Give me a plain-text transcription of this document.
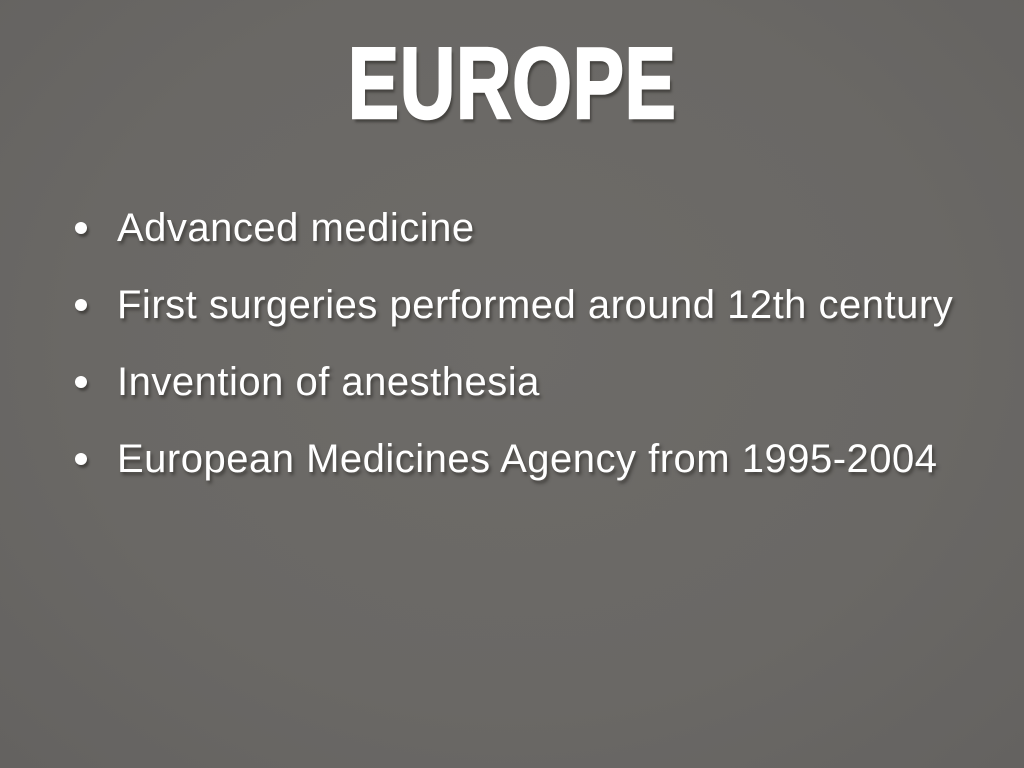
EUROPE
Advanced medicine
First surgeries performed around 12th century
Invention of anesthesia
European Medicines Agency from 1995-2004
